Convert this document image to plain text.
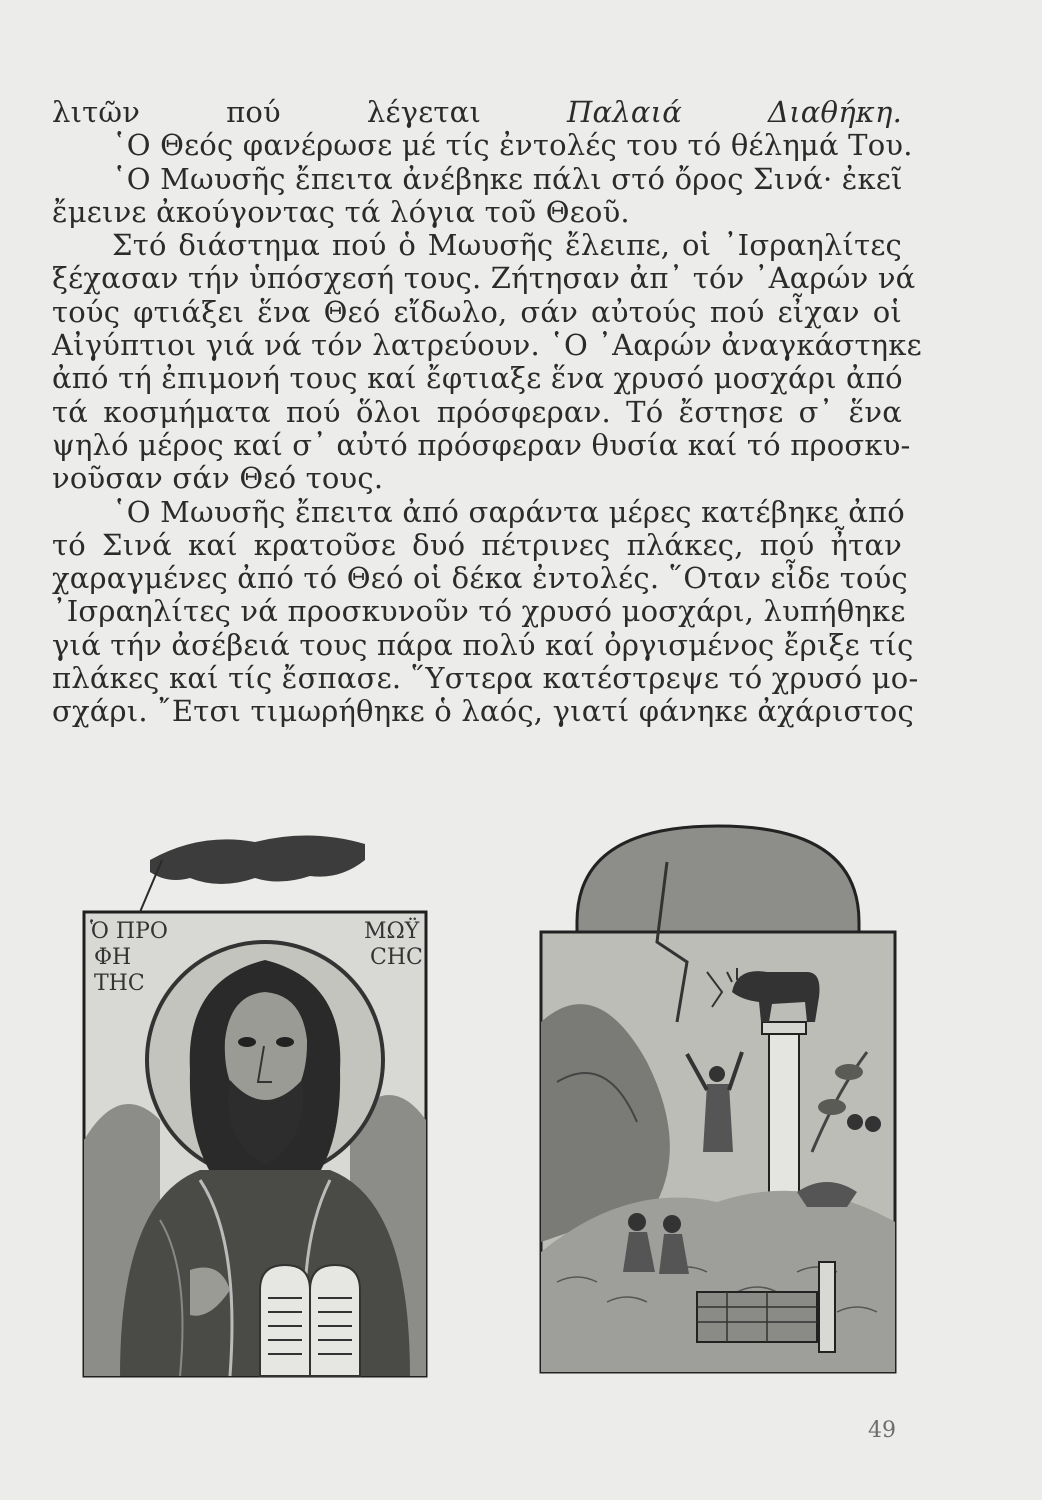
λιτῶν πού λέγεται Παλαιά Διαθήκη.
῾Ο Θεός φανέρωσε μέ τίς ἐντολές του τό θέλημά Του.
῾Ο Μωυσῆς ἔπειτα ἀνέβηκε πάλι στό ὄρος Σινά· ἐκεῖ
ἔμεινε ἀκούγοντας τά λόγια τοῦ Θεοῦ.
Στό διάστημα πού ὁ Μωυσῆς ἔλειπε, οἱ ᾿Ισραηλίτες
ξέχασαν τήν ὑπόσχεσή τους. Ζήτησαν ἀπ᾿ τόν ᾿Ααρών νά
τούς φτιάξει ἕνα Θεό εἴδωλο, σάν αὐτούς πού εἶχαν οἱ
Αἰγύπτιοι γιά νά τόν λατρεύουν. ῾Ο ᾿Ααρών ἀναγκάστηκε
ἀπό τή ἐπιμονή τους καί ἔφτιαξε ἕνα χρυσό μοσχάρι ἀπό
τά κοσμήματα πού ὅλοι πρόσφεραν. Τό ἔστησε σ᾿ ἕνα
ψηλό μέρος καί σ᾿ αὐτό πρόσφεραν θυσία καί τό προσκυ-
νοῦσαν σάν Θεό τους.
῾Ο Μωυσῆς ἔπειτα ἀπό σαράντα μέρες κατέβηκε ἀπό
τό Σινά καί κρατοῦσε δυό πέτρινες πλάκες, πού ἦταν
χαραγμένες ἀπό τό Θεό οἱ δέκα ἐντολές. ῞Οταν εἶδε τούς
᾿Ισραηλίτες νά προσκυνοῦν τό χρυσό μοσχάρι, λυπήθηκε
γιά τήν ἀσέβειά τους πάρα πολύ καί ὀργισμένος ἔριξε τίς
πλάκες καί τίς ἔσπασε. ῞Υστερα κατέστρεψε τό χρυσό μο-
σχάρι. ῎Ετσι τιμωρήθηκε ὁ λαός, γιατί φάνηκε ἀχάριστος
Ὁ ΠΡΟ
ΦΗ
ΤΗϹ
ΜΩΫ
ϹΗϹ
49
